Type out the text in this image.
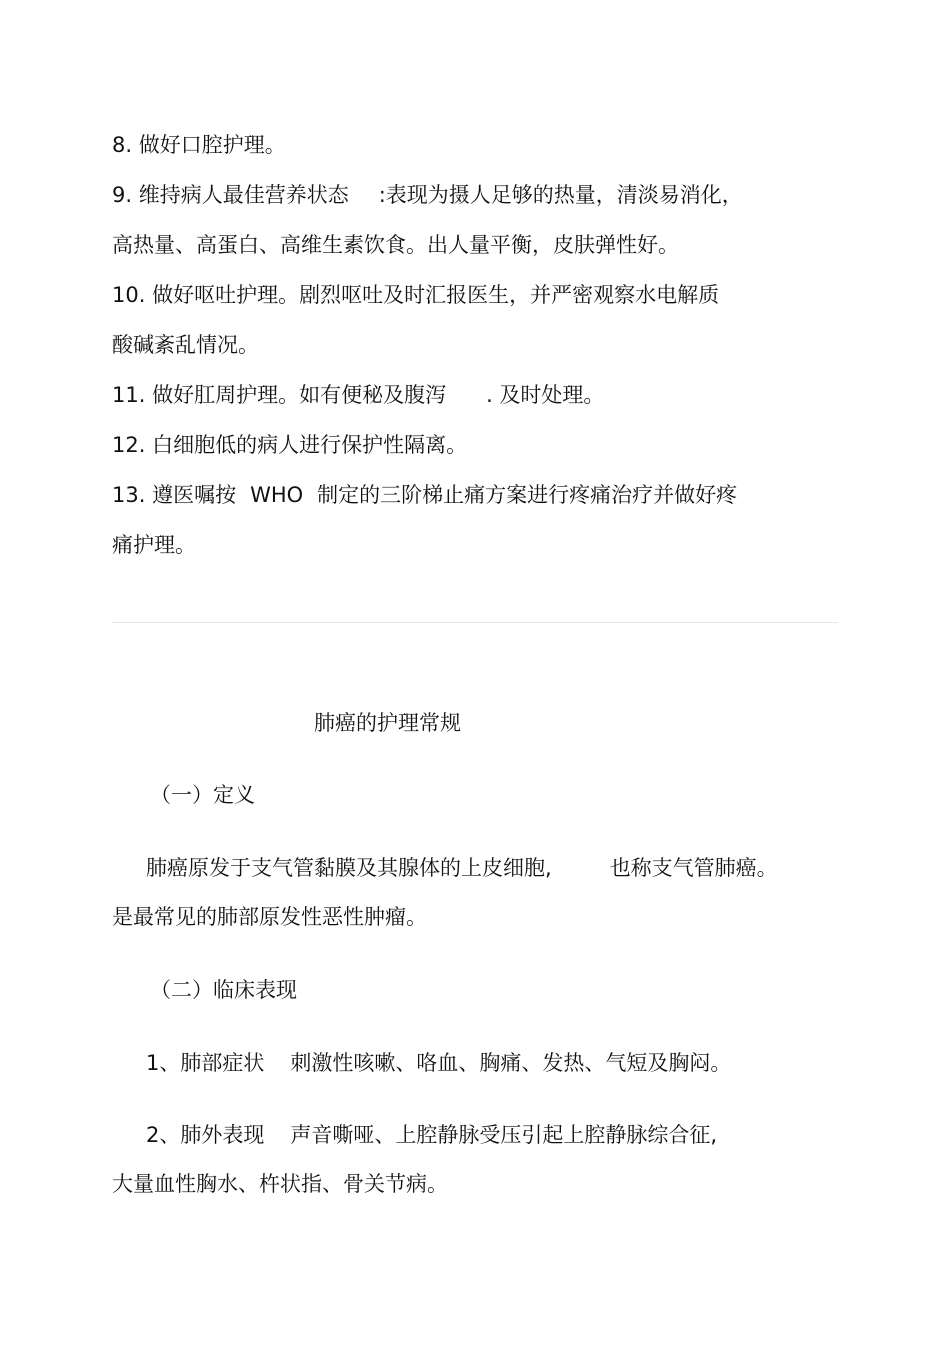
8. 做好口腔护理。
9. 维持病人最佳营养状态 :表现为摄人足够的热量，清淡易消化，
高热量、高蛋白、高维生素饮食。出人量平衡，皮肤弹性好。
10. 做好呕吐护理。剧烈呕吐及时汇报医生，并严密观察水电解质
酸碱紊乱情况。
11. 做好肛周护理。如有便秘及腹泻 . 及时处理。
12. 白细胞低的病人进行保护性隔离。
13. 遵医嘱按 WHO 制定的三阶梯止痛方案进行疼痛治疗并做好疼
痛护理。
肺癌的护理常规
（一）定义
肺癌原发于支气管黏膜及其腺体的上皮细胞,	也称支气管肺癌。
是最常见的肺部原发性恶性肿瘤。
（二）临床表现
1、肺部症状 刺激性咳嗽、咯血、胸痛、发热、气短及胸闷。
2、肺外表现 声音嘶哑、上腔静脉受压引起上腔静脉综合征,
大量血性胸水、杵状指、骨关节病。
